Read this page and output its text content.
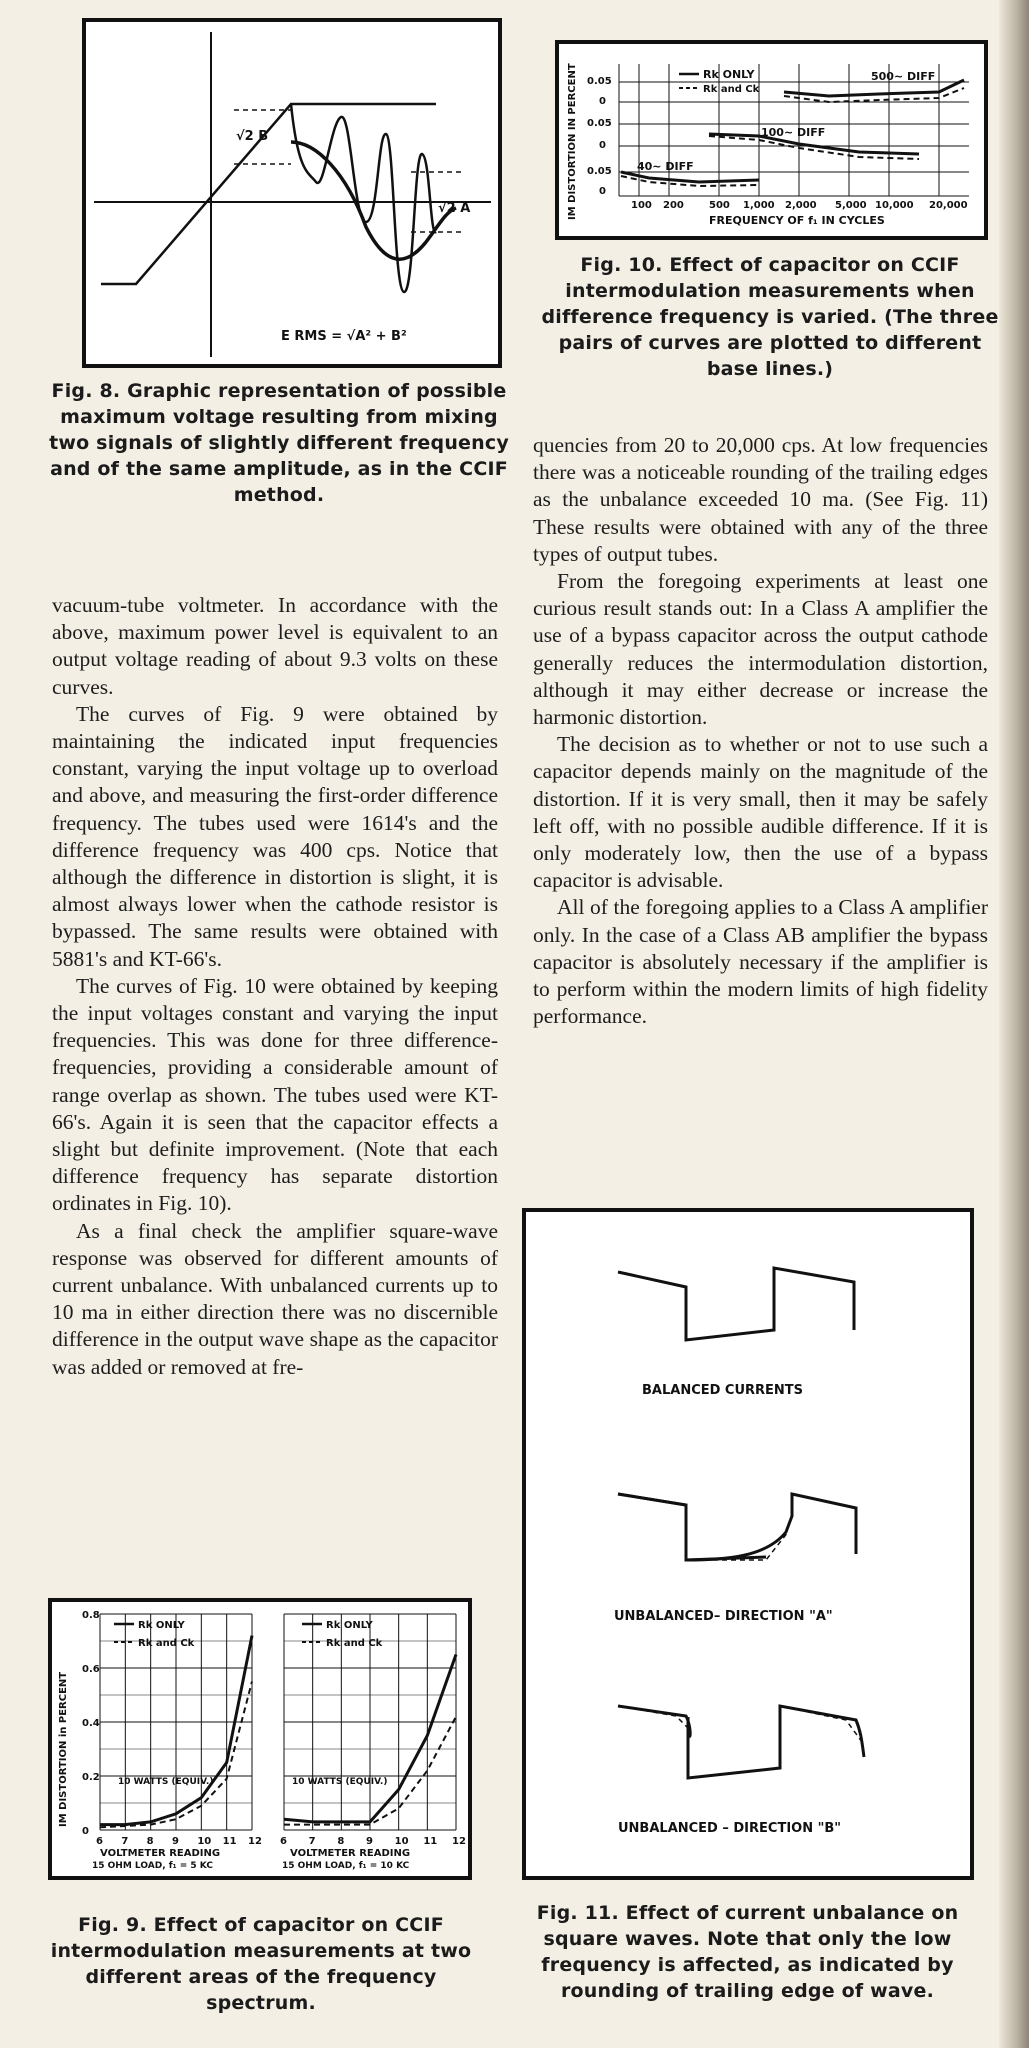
√2 B
√2 A
E RMS = √A² + B²
Fig. 8. Graphic representation of possible maximum voltage resulting from mixing two signals of slightly different frequency and of the same amplitude, as in the CCIF method.
Rk ONLY
Rk and Ck
500∼ DIFF
100∼ DIFF
40∼ DIFF
0.05
0
0.05
0
0.05
0
100 200	500 1,000 2,000 5,000 10,000 20,000
FREQUENCY OF f₁ IN CYCLES
IM DISTORTION IN PERCENT
Fig. 10. Effect of capacitor on CCIF intermodulation measurements when difference frequency is varied. (The three pairs of curves are plotted to different base lines.)

vacuum-tube voltmeter. In accordance with the above, maximum power level is equivalent to an output voltage reading of about 9.3 volts on these curves.

The curves of Fig. 9 were obtained by maintaining the indicated input frequencies constant, varying the input voltage up to overload and above, and measuring the first-order difference frequency. The tubes used were 1614's and the difference frequency was 400 cps. Notice that although the difference in distortion is slight, it is almost always lower when the cathode resistor is bypassed. The same results were obtained with 5881's and KT-66's.

The curves of Fig. 10 were obtained by keeping the input voltages constant and varying the input frequencies. This was done for three difference-frequencies, providing a considerable amount of range overlap as shown. The tubes used were KT-66's. Again it is seen that the capacitor effects a slight but definite improvement. (Note that each difference frequency has separate distortion ordinates in Fig. 10).

As a final check the amplifier square-wave response was observed for different amounts of current unbalance. With unbalanced currents up to 10 ma in either direction there was no discernible difference in the output wave shape as the capacitor was added or removed at fre-

quencies from 20 to 20,000 cps. At low frequencies there was a noticeable rounding of the trailing edges as the unbalance exceeded 10 ma. (See Fig. 11) These results were obtained with any of the three types of output tubes.

From the foregoing experiments at least one curious result stands out: In a Class A amplifier the use of a bypass capacitor across the output cathode generally reduces the intermodulation distortion, although it may either decrease or increase the harmonic distortion.

The decision as to whether or not to use such a capacitor depends mainly on the magnitude of the distortion. If it is very small, then it may be safely left off, with no possible audible difference. If it is only moderately low, then the use of a bypass capacitor is advisable.

All of the foregoing applies to a Class A amplifier only. In the case of a Class AB amplifier the bypass capacitor is absolutely necessary if the amplifier is to perform within the modern limits of high fidelity performance.

IM DISTORTION in PERCENT
VOLTMETER READING
15 OHM LOAD, f₁ = 5 KC
VOLTMETER READING
15 OHM LOAD, f₁ = 10 KC
Rk ONLY
Rk and Ck
Rk ONLY
Rk and Ck
10 WATTS (EQUIV.)	10 WATTS (EQUIV.)
6 7 8 9 10 11 12
0
0.2
0.4
0.6
0.8
6 7 8 9 10 11 12
Fig. 9. Effect of capacitor on CCIF intermodulation measurements at two different areas of the frequency spectrum.
BALANCED CURRENTS
UNBALANCED– DIRECTION "A"
UNBALANCED – DIRECTION "B"
Fig. 11. Effect of current unbalance on square waves. Note that only the low frequency is affected, as indicated by rounding of trailing edge of wave.
